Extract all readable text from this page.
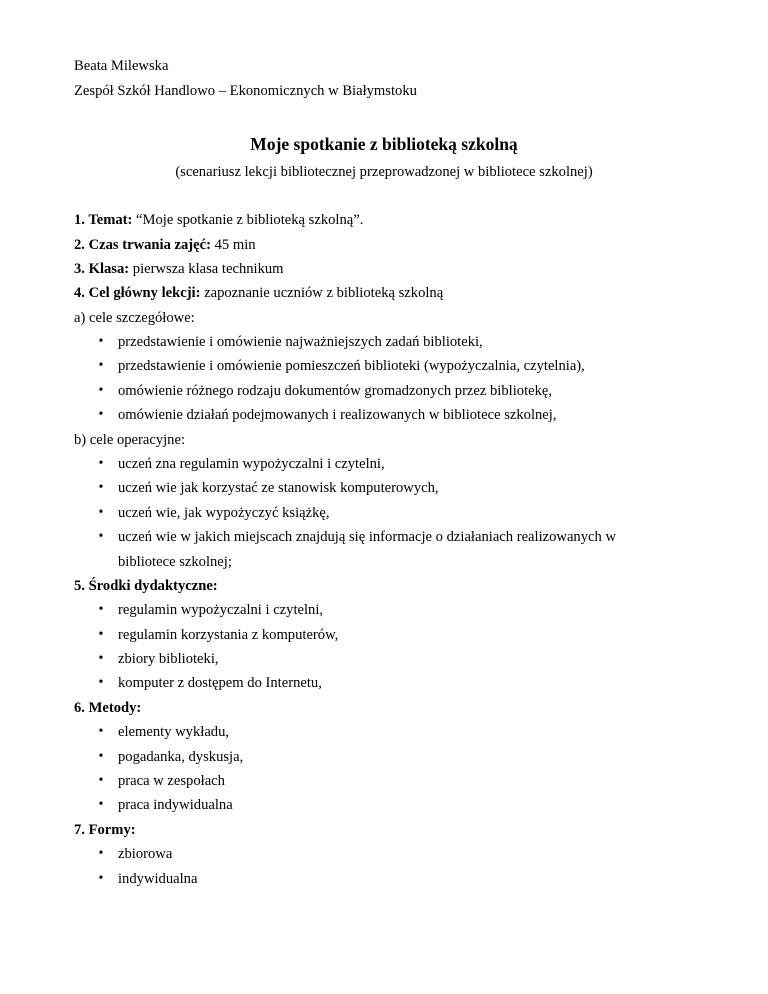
Beata Milewska
Zespół Szkół Handlowo – Ekonomicznych w Białymstoku
Moje spotkanie z biblioteką szkolną
(scenariusz lekcji bibliotecznej przeprowadzonej w bibliotece szkolnej)
1. Temat: “Moje spotkanie z biblioteką szkolną”.
2. Czas trwania zajęć: 45 min
3. Klasa: pierwsza klasa technikum
4. Cel główny lekcji: zapoznanie uczniów z biblioteką szkolną
a) cele szczegółowe:
• przedstawienie i omówienie najważniejszych zadań biblioteki,
• przedstawienie i omówienie pomieszczeń biblioteki (wypożyczalnia, czytelnia),
• omówienie różnego rodzaju dokumentów gromadzonych przez bibliotekę,
• omówienie działań podejmowanych i realizowanych w bibliotece szkolnej,
b) cele operacyjne:
• uczeń zna regulamin wypożyczalni i czytelni,
• uczeń wie jak korzystać ze stanowisk komputerowych,
• uczeń wie, jak wypożyczyć książkę,
• uczeń wie w jakich miejscach znajdują się informacje o działaniach realizowanych w
bibliotece szkolnej;
5. Środki dydaktyczne:
• regulamin wypożyczalni i czytelni,
• regulamin korzystania z komputerów,
• zbiory biblioteki,
• komputer z dostępem do Internetu,
6. Metody:
• elementy wykładu,
• pogadanka, dyskusja,
• praca w zespołach
• praca indywidualna
7. Formy:
• zbiorowa
• indywidualna
